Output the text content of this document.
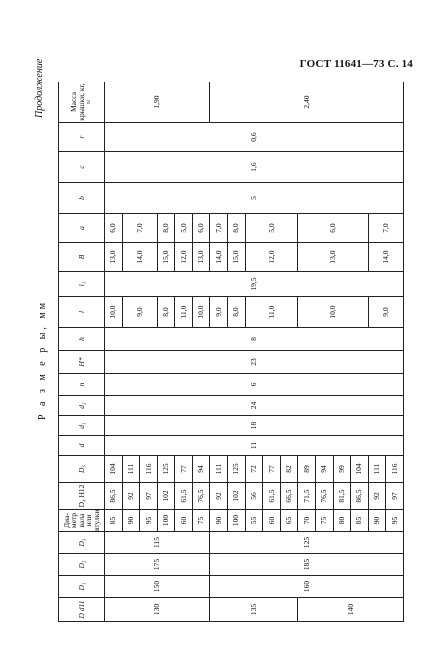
ГОСТ 11641—73 С. 14
Продолжение
Р а з м е р ы, мм
D d11	D₁	D₂	D₃	Диа-метр вала или втулки	D₄ H12	D₅	d	d₁	d₂	n	H*	h	l	l₁	B	a	b	c	r	Масса крышки, кг, ≈
130	150	175	115	85	86,5	104	11	18	24	6	23	8	10,0	19,5	13,0	6,0	5	1,6	0,6	1,90
				90	92	111							9,0		14,0	7,0				
				95	97	116														
				100	102	125							8,0		15,0	8,0				
				60	61,5	77							11,0		12,0	5,0				
				75	76,5	94							10,0		13,0	6,0				
135	160	185	125	90	92	111							9,0		14,0	7,0				2,40
				100	102	125							8,0		15,0	8,0				
				55	56	72							11,0		12,0	5,0				
				60	61,5	77														
				65	66,5	82														
140				70	71,5	89							10,0		13,0	6,0				
				75	76,5	94														
				80	81,5	99														
				85	86,5	104														
				90	92	111							9,0		14,0	7,0				
				95	97	116														
